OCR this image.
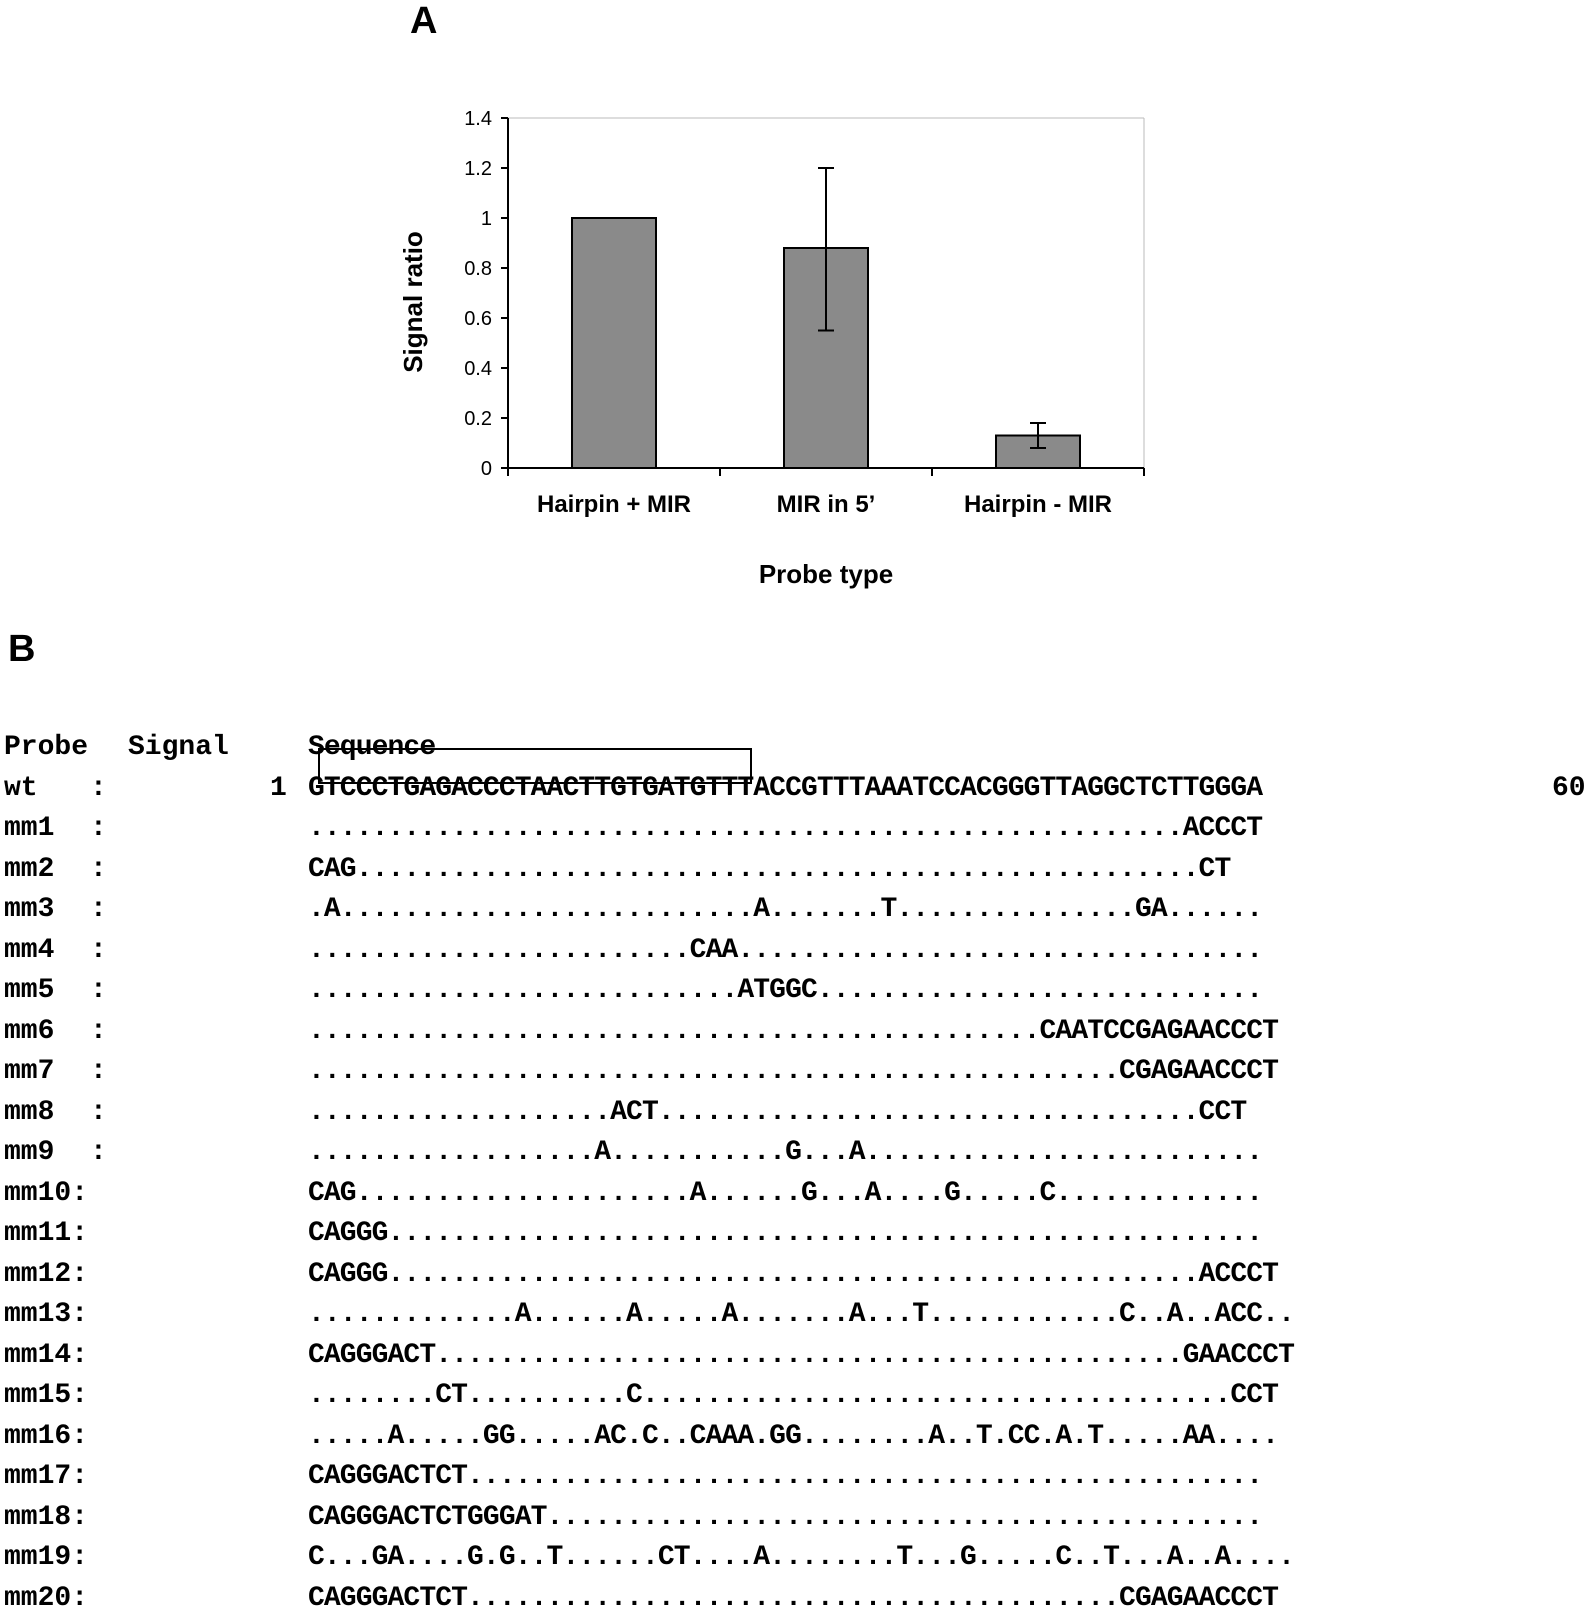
A
0
0.2
0.4
0.6
0.8
1
1.2
1.4
Hairpin + MIR	MIR in 5’	Hairpin - MIR
Signal ratio
Probe type
B

Probe

Signal

	Sequence

wt :	1 GTCCCTGAGACCCTAACTTGTGATGTTTACCGTTTAAATCCACGGGTTAGGCTCTTGGGA	60
mm1 :	.......................................................ACCCT
mm2 :	CAG.....................................................CT
mm3 :	.A..........................A.......T...............GA......
mm4 :	........................CAA.................................
mm5 :	...........................ATGGC............................
mm6 :	..............................................CAATCCGAGAACCCT
mm7 :	...................................................CGAGAACCCT
mm8 :	...................ACT..................................CCT
mm9 :	..................A...........G...A.........................
mm10 :	CAG.....................A......G...A....G.....C.............
mm11 :	CAGGG.......................................................
mm12 :	CAGGG...................................................ACCCT
mm13 :	.............A......A.....A.......A...T............C..A..ACC..
mm14 :	CAGGGACT...............................................GAACCCT
mm15 :	........CT..........C.....................................CCT
mm16 :	.....A.....GG.....AC.C..CAAA.GG........A..T.CC.A.T.....AA....
mm17 :	CAGGGACTCT..................................................
mm18 :	CAGGGACTCTGGGAT.............................................
mm19 :	C...GA....G.G..T......CT....A........T...G.....C..T...A..A....
mm20 :	CAGGGACTCT.........................................CGAGAACCCT
